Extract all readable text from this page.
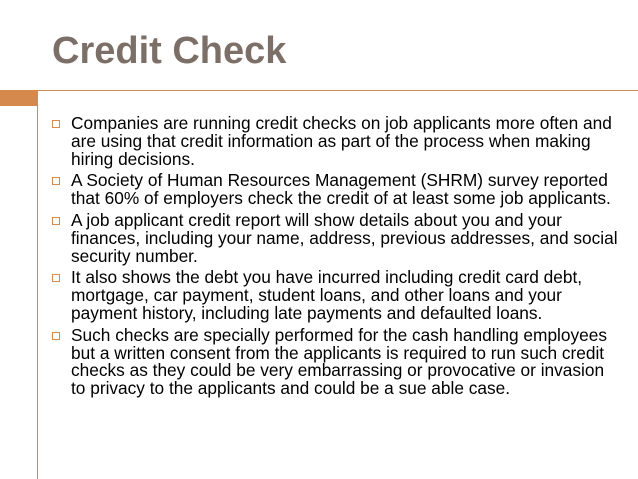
Credit Check
Companies are running credit checks on job applicants more often and are using that credit information as part of the process when making hiring decisions.
A Society of Human Resources Management (SHRM) survey reported that 60% of employers check the credit of at least some job applicants.
A job applicant credit report will show details about you and your finances, including your name, address, previous addresses, and social security number.
It also shows the debt you have incurred including credit card debt, mortgage, car payment, student loans, and other loans and your payment history, including late payments and defaulted loans.
Such checks are specially performed for the cash handling employees but a written consent from the applicants is required to run such credit checks as they could be very embarrassing or provocative or invasion to privacy to the applicants and could be a sue able case.
